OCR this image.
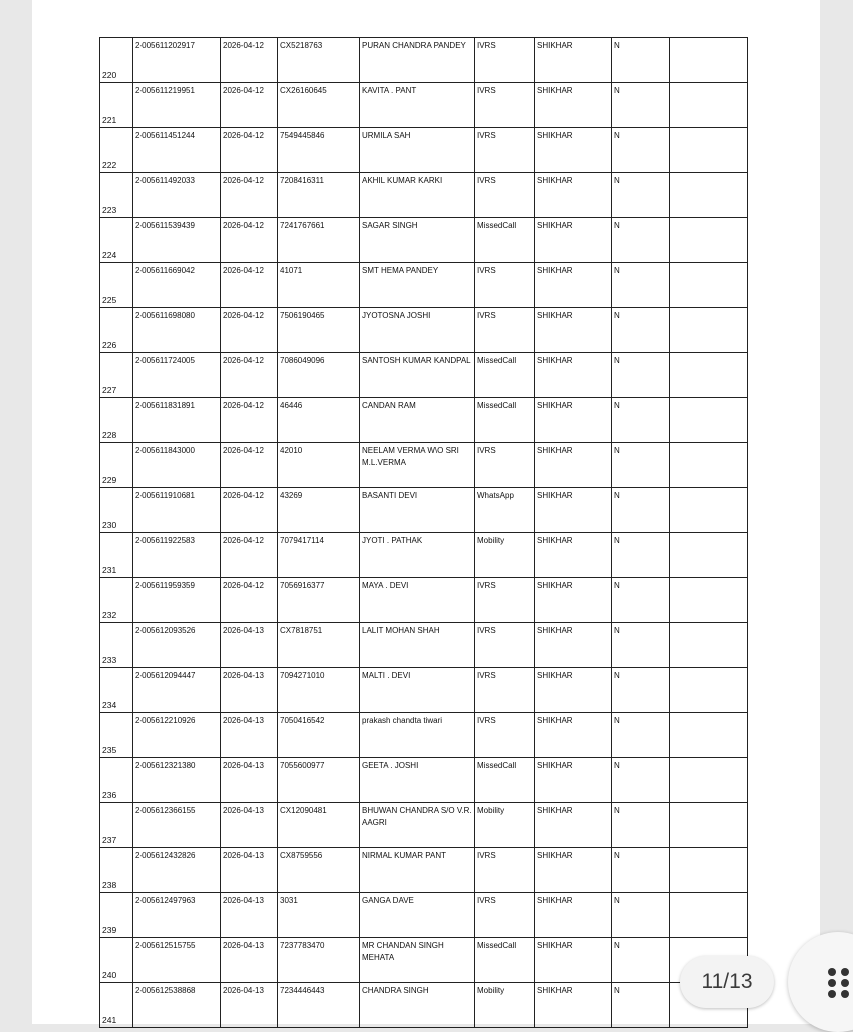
220	2-005611202917	2026-04-12	CX5218763	PURAN CHANDRA PANDEY	IVRS	SHIKHAR	N	
221	2-005611219951	2026-04-12	CX26160645	KAVITA . PANT	IVRS	SHIKHAR	N	
222	2-005611451244	2026-04-12	7549445846	URMILA SAH	IVRS	SHIKHAR	N	
223	2-005611492033	2026-04-12	7208416311	AKHIL KUMAR KARKI	IVRS	SHIKHAR	N	
224	2-005611539439	2026-04-12	7241767661	SAGAR SINGH	MissedCall	SHIKHAR	N	
225	2-005611669042	2026-04-12	41071	SMT HEMA PANDEY	IVRS	SHIKHAR	N	
226	2-005611698080	2026-04-12	7506190465	JYOTOSNA JOSHI	IVRS	SHIKHAR	N	
227	2-005611724005	2026-04-12	7086049096	SANTOSH KUMAR KANDPAL	MissedCall	SHIKHAR	N	
228	2-005611831891	2026-04-12	46446	CANDAN RAM	MissedCall	SHIKHAR	N	
229	2-005611843000	2026-04-12	42010	NEELAM VERMA W\O SRI M.L.VERMA	IVRS	SHIKHAR	N	
230	2-005611910681	2026-04-12	43269	BASANTI DEVI	WhatsApp	SHIKHAR	N	
231	2-005611922583	2026-04-12	7079417114	JYOTI . PATHAK	Mobility	SHIKHAR	N	
232	2-005611959359	2026-04-12	7056916377	MAYA . DEVI	IVRS	SHIKHAR	N	
233	2-005612093526	2026-04-13	CX7818751	LALIT MOHAN SHAH	IVRS	SHIKHAR	N	
234	2-005612094447	2026-04-13	7094271010	MALTI . DEVI	IVRS	SHIKHAR	N	
235	2-005612210926	2026-04-13	7050416542	prakash chandta tiwari	IVRS	SHIKHAR	N	
236	2-005612321380	2026-04-13	7055600977	GEETA . JOSHI	MissedCall	SHIKHAR	N	
237	2-005612366155	2026-04-13	CX12090481	BHUWAN CHANDRA S/O V.R. AAGRI	Mobility	SHIKHAR	N	
238	2-005612432826	2026-04-13	CX8759556	NIRMAL KUMAR PANT	IVRS	SHIKHAR	N	
239	2-005612497963	2026-04-13	3031	GANGA DAVE	IVRS	SHIKHAR	N	
240	2-005612515755	2026-04-13	7237783470	MR CHANDAN SINGH MEHATA	MissedCall	SHIKHAR	N	
241	2-005612538868	2026-04-13	7234446443	CHANDRA SINGH	Mobility	SHIKHAR	N		11/13
